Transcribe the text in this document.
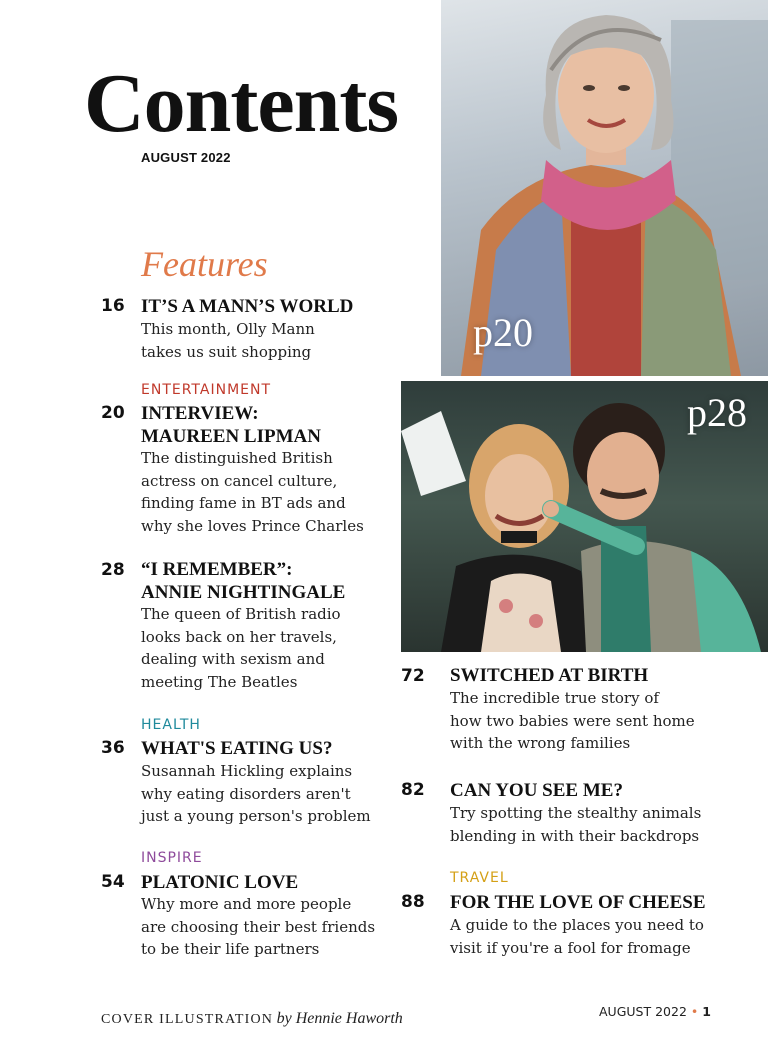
Contents
AUGUST 2022
Features
p20
p28
16 IT’S A MANN’S WORLD
This month, Olly Mann
takes us suit shopping
ENTERTAINMENT
20 INTERVIEW:
MAUREEN LIPMAN
The distinguished British
actress on cancel culture,
finding fame in BT ads and
why she loves Prince Charles
28 “I REMEMBER”:
ANNIE NIGHTINGALE
The queen of British radio
looks back on her travels,
dealing with sexism and
meeting The Beatles
HEALTH
36 WHAT'S EATING US?
Susannah Hickling explains
why eating disorders aren't
just a young person's problem
INSPIRE
54 PLATONIC LOVE
Why more and more people
are choosing their best friends
to be their life partners
72 SWITCHED AT BIRTH
The incredible true story of
how two babies were sent home
with the wrong families
82 CAN YOU SEE ME?
Try spotting the stealthy animals
blending in with their backdrops
TRAVEL
88 FOR THE LOVE OF CHEESE
A guide to the places you need to
visit if you're a fool for fromage
COVER ILLUSTRATION by Hennie Haworth	AUGUST 2022 • 1
